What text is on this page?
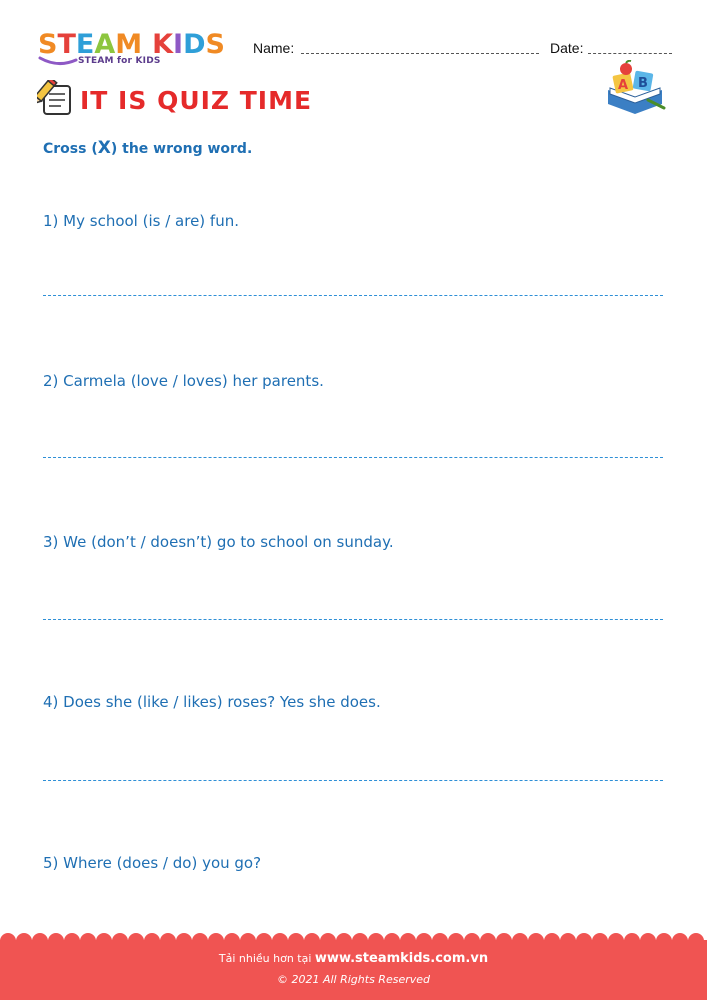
STEAM KIDS
STEAM for KIDS
Name:	Date:
IT IS QUIZ TIME
A B
Cross (X) the wrong word.
1) My school (is / are) fun.
2) Carmela (love / loves) her parents.
3) We (don’t / doesn’t) go to school on sunday.
4) Does she (like / likes) roses? Yes she does.
5) Where (does / do) you go?
Tải nhiều hơn tại www.steamkids.com.vn
© 2021 All Rights Reserved
